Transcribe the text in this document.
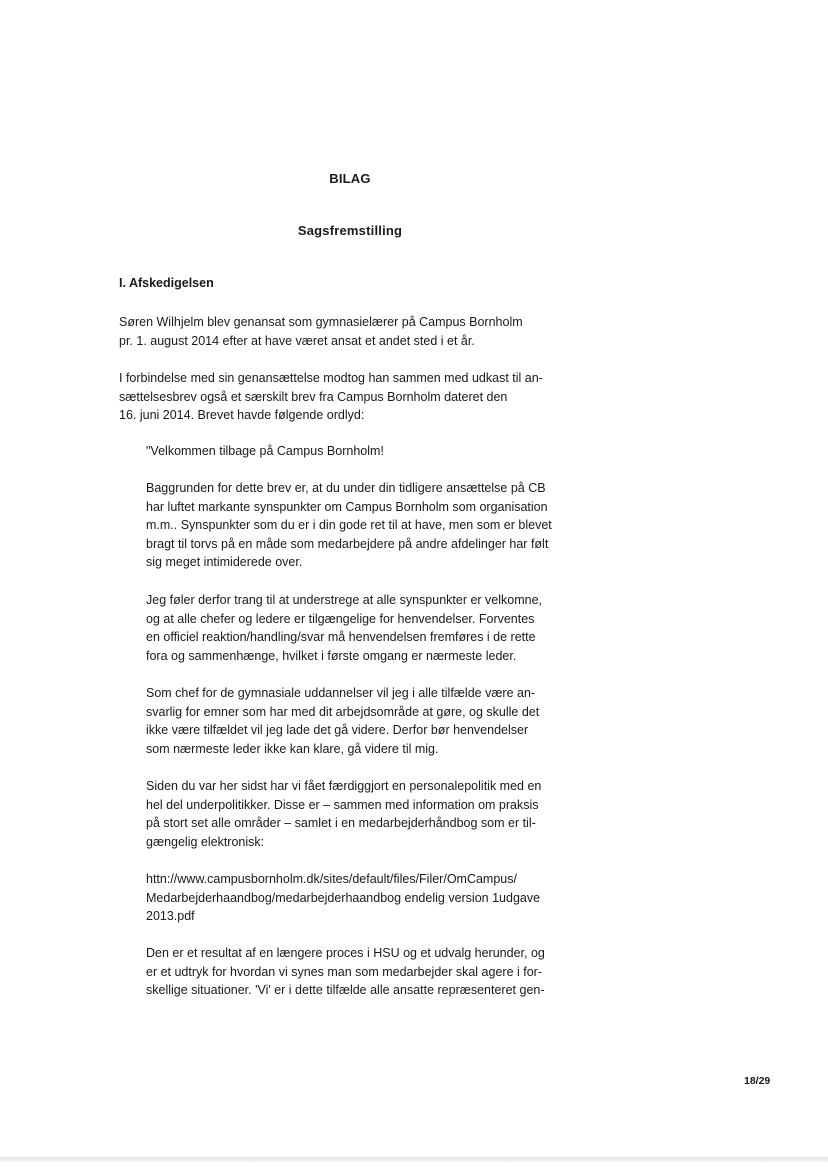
BILAG
Sagsfremstilling
I. Afskedigelsen

Søren Wilhjelm blev genansat som gymnasielærer på Campus Bornholm
pr. 1. august 2014 efter at have været ansat et andet sted i et år.

I forbindelse med sin genansættelse modtog han sammen med udkast til an-
sættelsesbrev også et særskilt brev fra Campus Bornholm dateret den
16. juni 2014. Brevet havde følgende ordlyd:

"Velkommen tilbage på Campus Bornholm!

Baggrunden for dette brev er, at du under din tidligere ansættelse på CB
har luftet markante synspunkter om Campus Bornholm som organisation
m.m.. Synspunkter som du er i din gode ret til at have, men som er blevet
bragt til torvs på en måde som medarbejdere på andre afdelinger har følt
sig meget intimiderede over.

Jeg føler derfor trang til at understrege at alle synspunkter er velkomne,
og at alle chefer og ledere er tilgængelige for henvendelser. Forventes
en officiel reaktion/handling/svar må henvendelsen fremføres i de rette
fora og sammenhænge, hvilket i første omgang er nærmeste leder.

Som chef for de gymnasiale uddannelser vil jeg i alle tilfælde være an-
svarlig for emner som har med dit arbejdsområde at gøre, og skulle det
ikke være tilfældet vil jeg lade det gå videre. Derfor bør henvendelser
som nærmeste leder ikke kan klare, gå videre til mig.

Siden du var her sidst har vi fået færdiggjort en personalepolitik med en
hel del underpolitikker. Disse er – sammen med information om praksis
på stort set alle områder – samlet i en medarbejderhåndbog som er til-
gængelig elektronisk:

httn://www.campusbornholm.dk/sites/default/files/Filer/OmCampus/
Medarbejderhaandbog/medarbejderhaandbog endelig version 1udgave
2013.pdf

Den er et resultat af en længere proces i HSU og et udvalg herunder, og
er et udtryk for hvordan vi synes man som medarbejder skal agere i for-
skellige situationer. 'Vi' er i dette tilfælde alle ansatte repræsenteret gen-

18/29
